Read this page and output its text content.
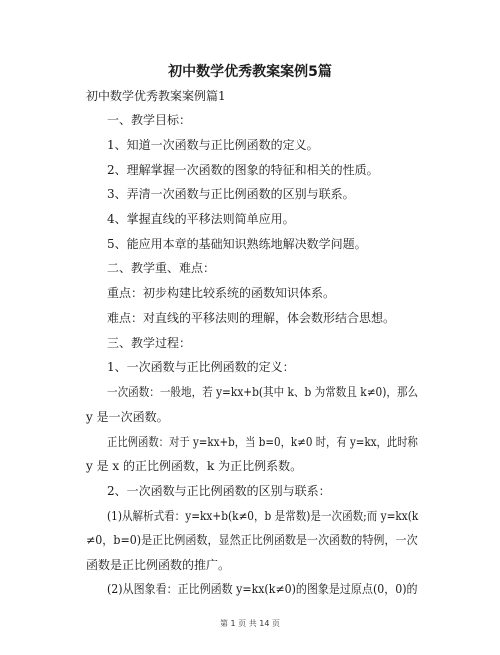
初中数学优秀教案案例5篇

初中数学优秀教案案例篇1

一、教学目标：

1、知道一次函数与正比例函数的定义。

2、理解掌握一次函数的图象的特征和相关的性质。

3、弄清一次函数与正比例函数的区别与联系。

4、掌握直线的平移法则简单应用。

5、能应用本章的基础知识熟练地解决数学问题。

二、教学重、难点：

重点：初步构建比较系统的函数知识体系。

难点：对直线的平移法则的理解，体会数形结合思想。

三、教学过程：

1、一次函数与正比例函数的定义：

一次函数：一般地，若 y=kx+b(其中 k、b 为常数且 k≠0)，那么

y 是一次函数。

正比例函数：对于 y=kx+b，当 b=0，k≠0 时，有 y=kx，此时称

y 是 x 的正比例函数，k 为正比例系数。

2、一次函数与正比例函数的区别与联系：

(1)从解析式看：y=kx+b(k≠0，b 是常数)是一次函数;而 y=kx(k

≠0，b=0)是正比例函数，显然正比例函数是一次函数的特例，一次

函数是正比例函数的推广。

(2)从图象看：正比例函数 y=kx(k≠0)的图象是过原点(0，0)的

第 1 页 共 14 页
